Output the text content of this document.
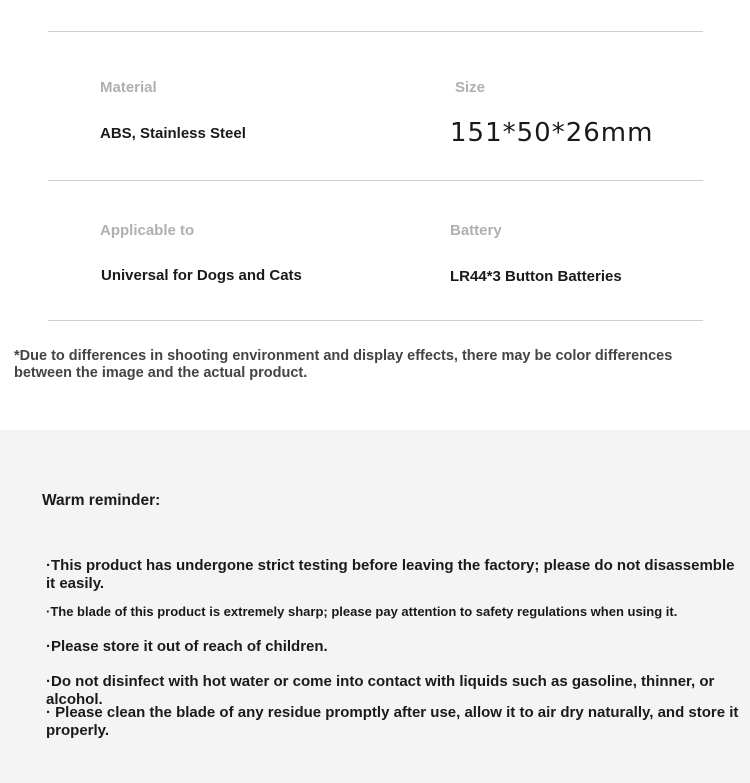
Material
ABS, Stainless Steel
Size
151*50*26mm
Applicable to
Universal for Dogs and Cats
Battery
LR44*3 Button Batteries
*Due to differences in shooting environment and display effects, there may be color differences between the image and the actual product.
Warm reminder:
·This product has undergone strict testing before leaving the factory; please do not disassemble it easily.
·The blade of this product is extremely sharp; please pay attention to safety regulations when using it.
·Please store it out of reach of children.
·Do not disinfect with hot water or come into contact with liquids such as gasoline, thinner, or alcohol.
· Please clean the blade of any residue promptly after use, allow it to air dry naturally, and store it properly.
